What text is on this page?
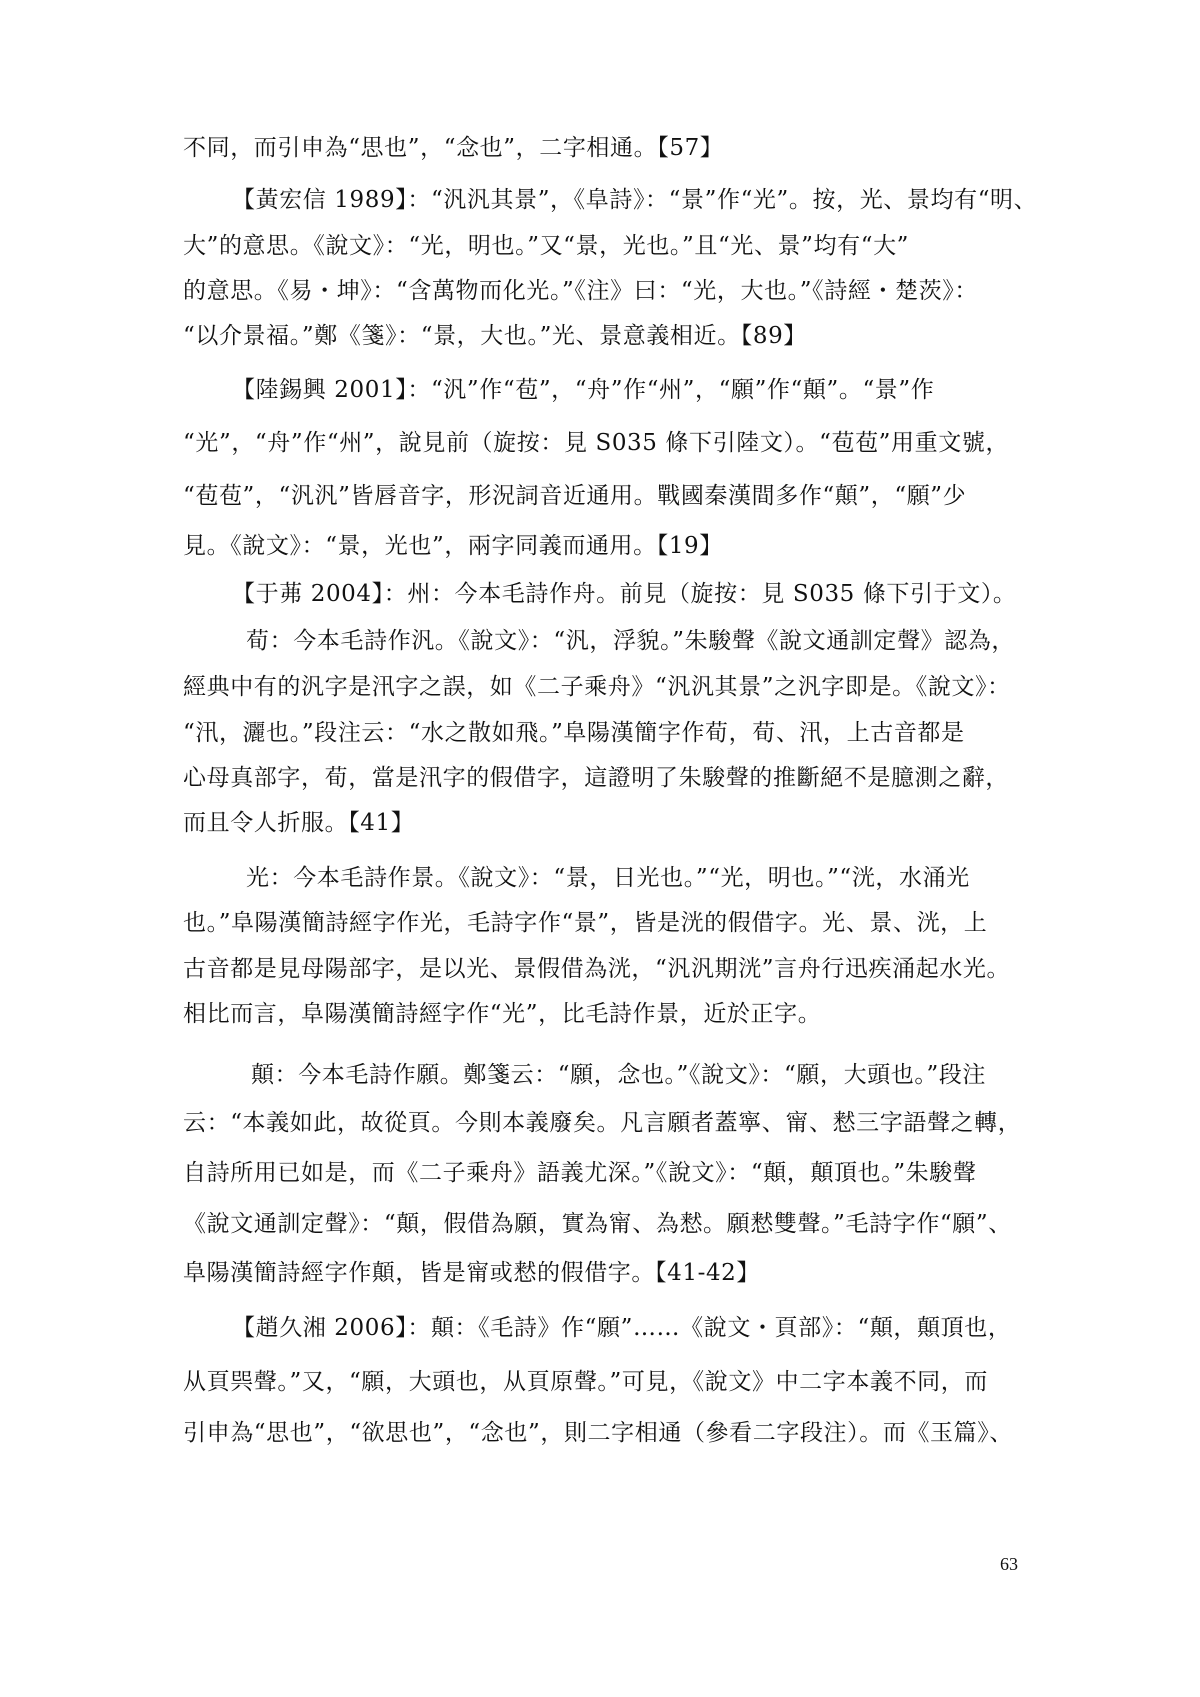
不同，而引申為“思也”，“念也”，二字相通。【57】
【黃宏信 1989】：“汎汎其景”，《阜詩》：“景”作“光”。按，光、景均有“明、
大”的意思。《說文》：“光，明也。”又“景，光也。”且“光、景”均有“大”
的意思。《易・坤》：“含萬物而化光。”《注》曰：“光，大也。”《詩經・楚茨》：
“以介景福。”鄭《箋》：“景，大也。”光、景意義相近。【89】
【陸錫興 2001】：“汎”作“苞”，“舟”作“州”，“願”作“顛”。“景”作
“光”，“舟”作“州”，說見前（旋按：見 S035 條下引陸文）。“苞苞”用重文號，
“苞苞”，“汎汎”皆唇音字，形況詞音近通用。戰國秦漢間多作“顛”，“願”少
見。《說文》：“景，光也”，兩字同義而通用。【19】
【于茀 2004】：州：今本毛詩作舟。前見（旋按：見 S035 條下引于文）。
荀：今本毛詩作汎。《說文》：“汎，浮貌。”朱駿聲《說文通訓定聲》認為，
經典中有的汎字是汛字之誤，如《二子乘舟》“汎汎其景”之汎字即是。《說文》：
“汛，灑也。”段注云：“水之散如飛。”阜陽漢簡字作荀，荀、汛，上古音都是
心母真部字，荀，當是汛字的假借字，這證明了朱駿聲的推斷絕不是臆測之辭，
而且令人折服。【41】
光：今本毛詩作景。《說文》：“景，日光也。”“光，明也。”“洸，水涌光
也。”阜陽漢簡詩經字作光，毛詩字作“景”，皆是洸的假借字。光、景、洸，上
古音都是見母陽部字，是以光、景假借為洸，“汎汎期洸”言舟行迅疾涌起水光。
相比而言，阜陽漢簡詩經字作“光”，比毛詩作景，近於正字。
顛：今本毛詩作願。鄭箋云：“願，念也。”《說文》：“願，大頭也。”段注
云：“本義如此，故從頁。今則本義廢矣。凡言願者蓋寧、甯、慭三字語聲之轉，
自詩所用已如是，而《二子乘舟》語義尤深。”《說文》：“顛，顛頂也。”朱駿聲
《說文通訓定聲》：“顛，假借為願，實為甯、為慭。願慭雙聲。”毛詩字作“願”、
阜陽漢簡詩經字作顛，皆是甯或慭的假借字。【41-42】
【趙久湘 2006】：顛：《毛詩》作“願”……《說文・頁部》：“顛，顛頂也，
从頁巺聲。”又，“願，大頭也，从頁原聲。”可見，《說文》中二字本義不同，而
引申為“思也”，“欲思也”，“念也”，則二字相通（參看二字段注）。而《玉篇》、
63
